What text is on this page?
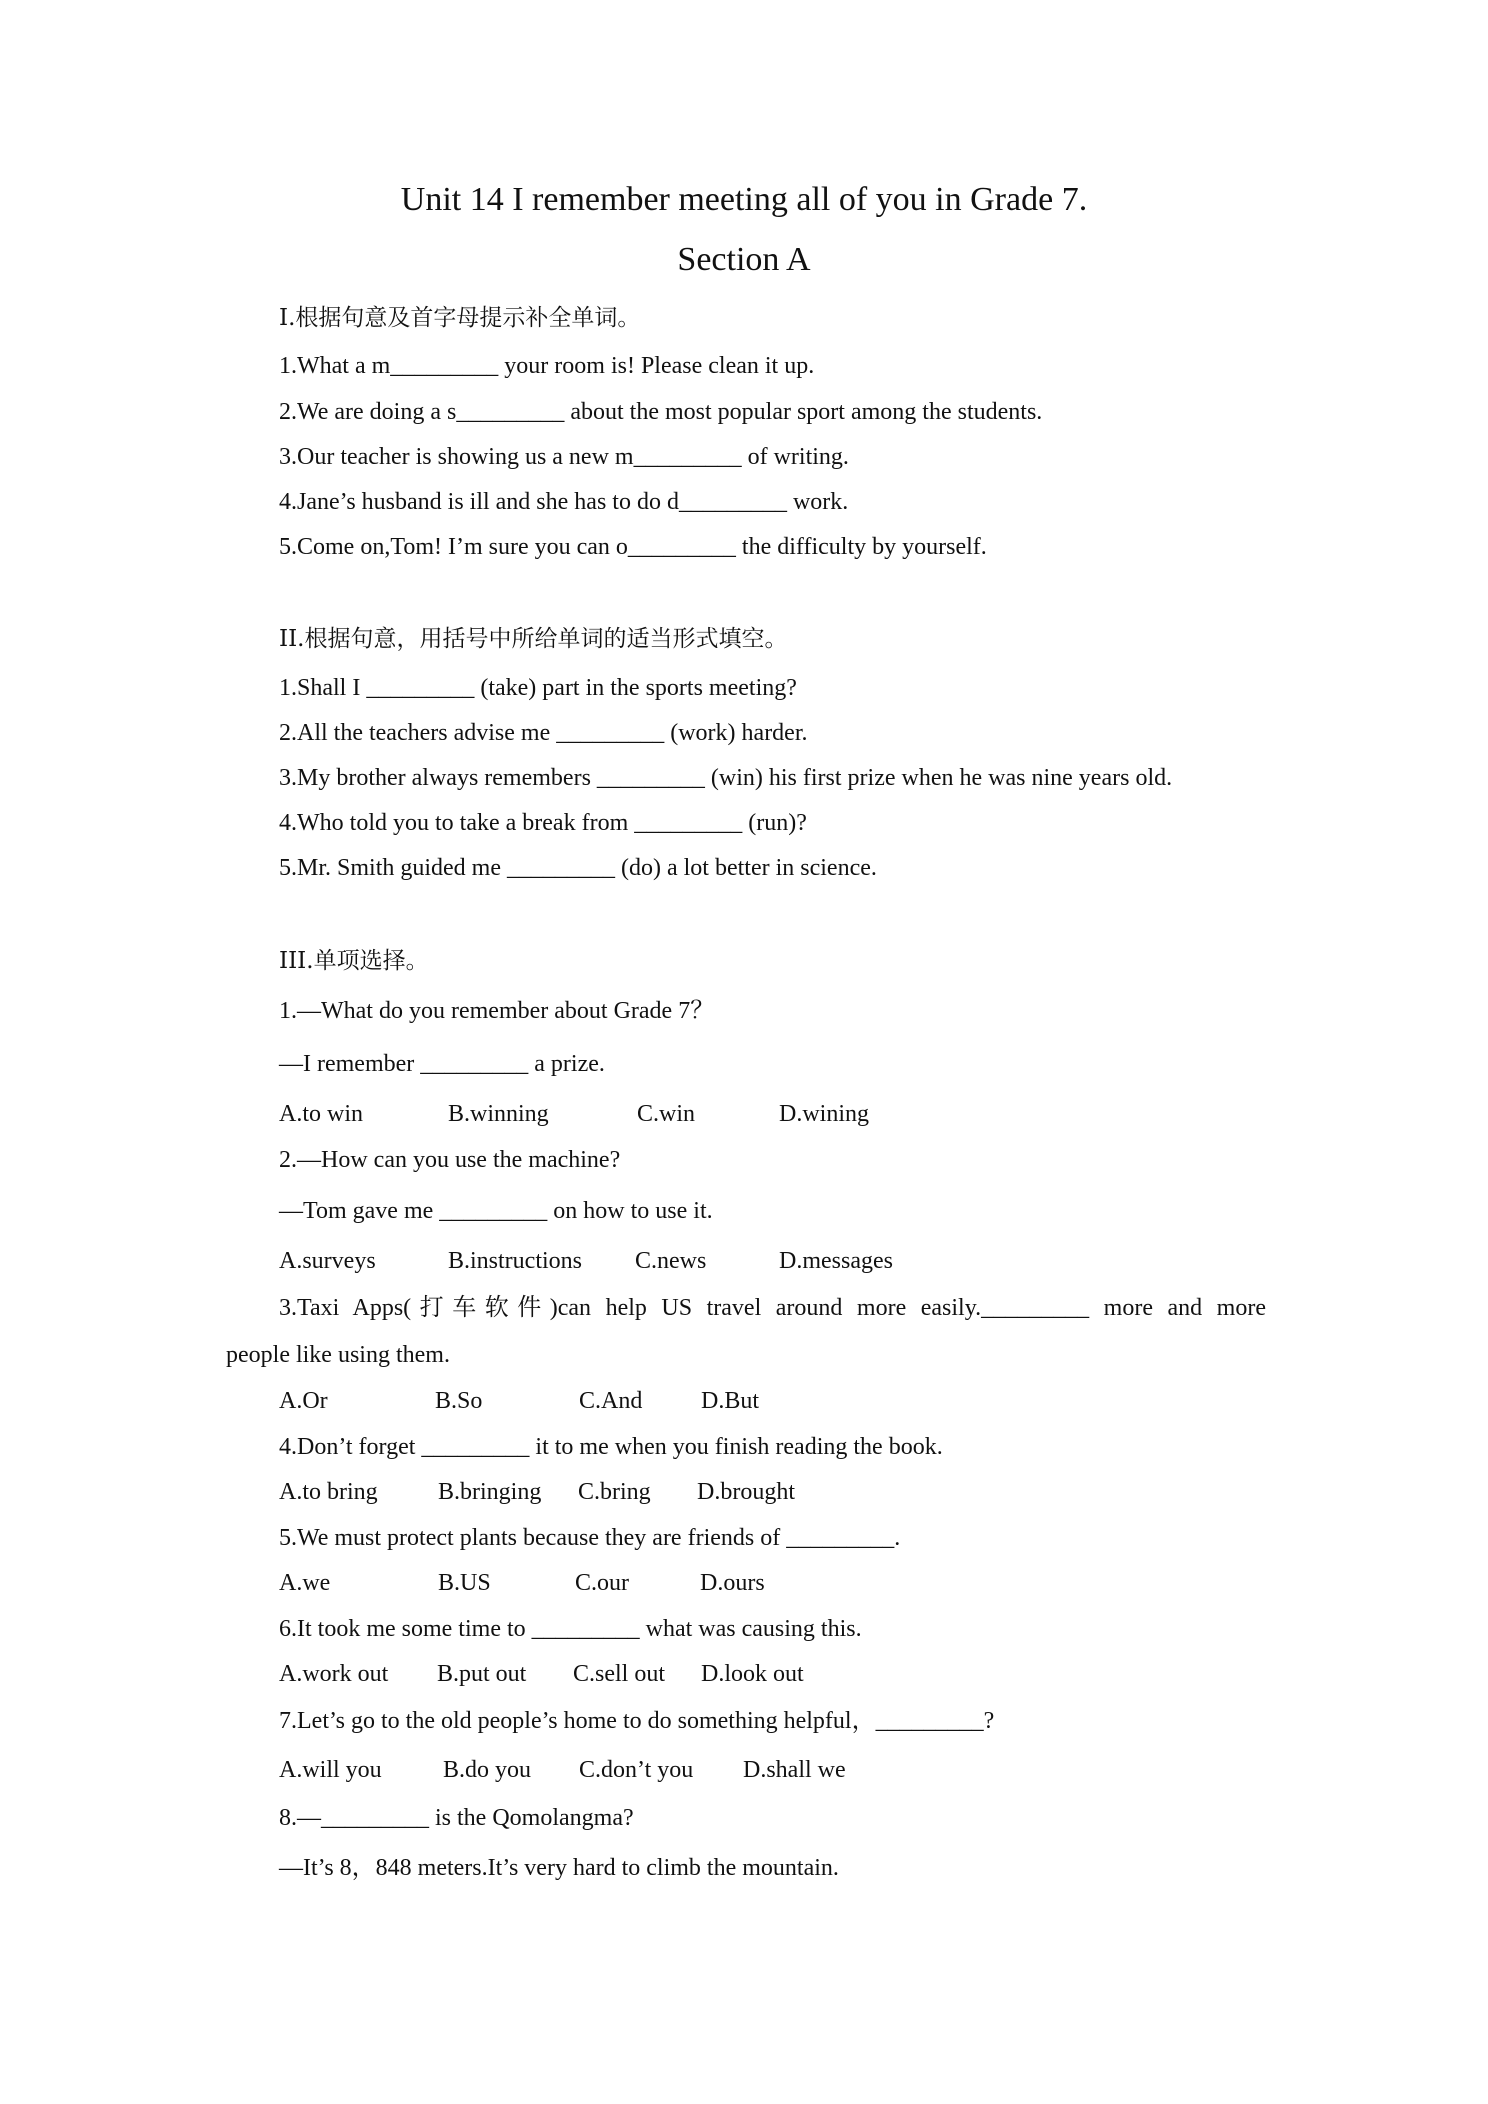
Unit 14 I remember meeting all of you in Grade 7.
Section A
I.根据句意及首字母提示补全单词。
1.What a m_________ your room is! Please clean it up.
2.We are doing a s_________ about the most popular sport among the students.
3.Our teacher is showing us a new m_________ of writing.
4.Jane’s husband is ill and she has to do d_________ work.
5.Come on,Tom! I’m sure you can o_________ the difficulty by yourself.
II.根据句意，用括号中所给单词的适当形式填空。
1.Shall I _________ (take) part in the sports meeting?
2.All the teachers advise me _________ (work) harder.
3.My brother always remembers _________ (win) his first prize when he was nine years old.
4.Who told you to take a break from _________ (run)?
5.Mr. Smith guided me _________ (do) a lot better in science.
III.单项选择。
1.—What do you remember about Grade 7？
—I remember _________ a prize.
A.to win	B.winning	C.win	D.wining
2.—How can you use the machine?
—Tom gave me _________ on how to use it.
A.surveys	B.instructions C.news	D.messages
3.Taxi Apps(打车软件)can help US travel around more easily._________ more and more
people like using them.
A.Or	B.So	C.And D.But
4.Don’t forget _________ it to me when you finish reading the book.
A.to bring	B.bringing C.bring D.brought
5.We must protect plants because they are friends of _________.
A.we	B.US	C.our	D.ours
6.It took me some time to _________ what was causing this.
A.work out B.put out C.sell out D.look out
7.Let’s go to the old people’s home to do something helpful，_________?
A.will you	B.do you C.don’t you D.shall we
8.—_________ is the Qomolangma?
—It’s 8，848 meters.It’s very hard to climb the mountain.
